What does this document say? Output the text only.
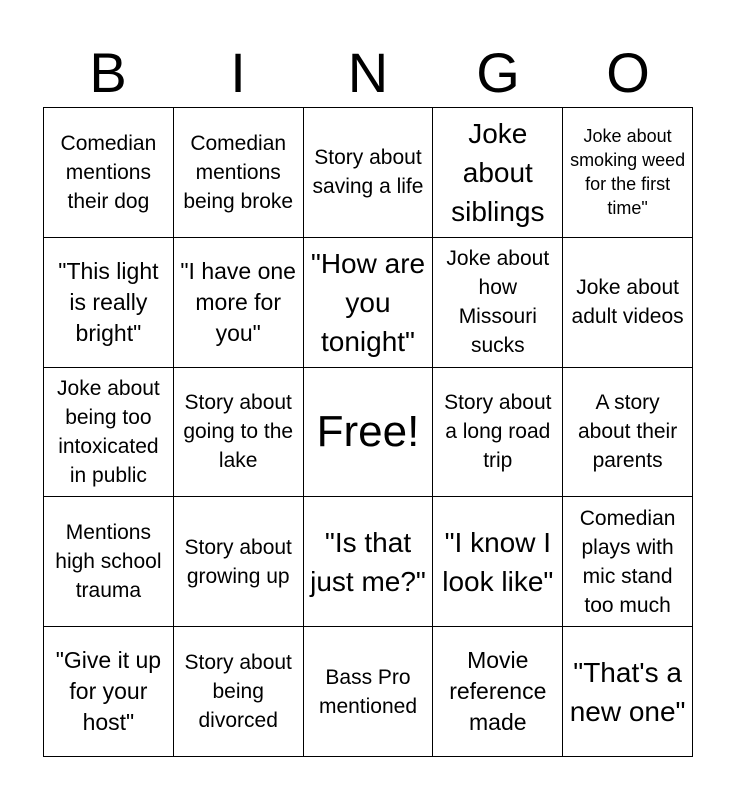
B	I	N	G	O
Comedian mentions their dog
Comedian mentions being broke
Story about saving a life
Joke about siblings
Joke about smoking weed for the first time"
"This light is really bright"
"I have one more for you"
"How are you tonight"
Joke about how Missouri sucks
Joke about adult videos
Joke about being too intoxicated in public
Story about going to the lake
Free!
Story about a long road trip
A story about their parents
Mentions high school trauma
Story about growing up
"Is that just me?"
"I know I look like"
Comedian plays with mic stand too much
"Give it up for your host"
Story about being divorced
Bass Pro mentioned
Movie reference made
"That's a new one"
